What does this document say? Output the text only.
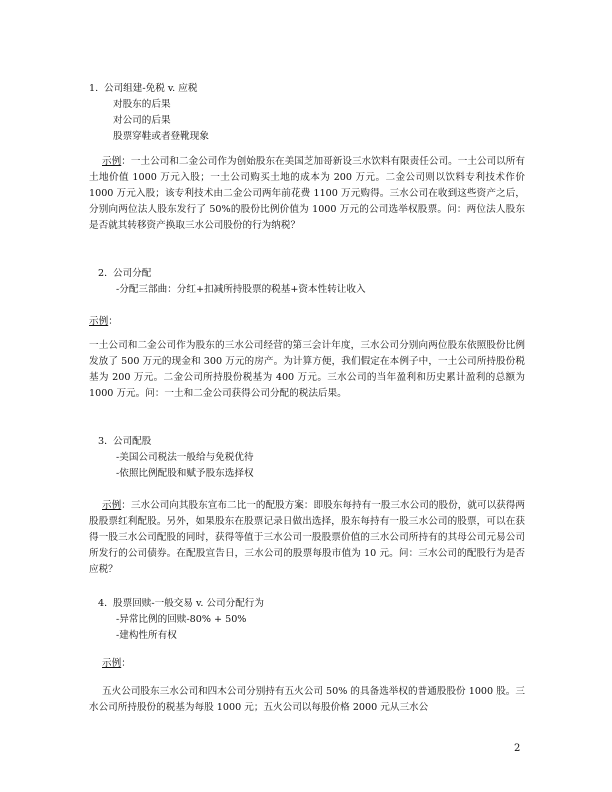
1. 公司组建-免税 v. 应税
对股东的后果
对公司的后果
股票穿鞋或者登靴现象
示例：一土公司和二金公司作为创始股东在美国芝加哥新设三水饮料有限责任公司。一土公司以所有土地价值 1000 万元入股；一土公司购买土地的成本为 200 万元。二金公司则以饮料专利技术作价 1000 万元入股；该专利技术由二金公司两年前花费 1100 万元购得。三水公司在收到这些资产之后，分别向两位法人股东发行了 50%的股份比例价值为 1000 万元的公司选举权股票。问：两位法人股东是否就其转移资产换取三水公司股份的行为纳税？
2．公司分配
-分配三部曲：分红+扣减所持股票的税基+资本性转让收入
示例：
一土公司和二金公司作为股东的三水公司经营的第三会计年度，三水公司分别向两位股东依照股份比例发放了 500 万元的现金和 300 万元的房产。为计算方便，我们假定在本例子中，一土公司所持股份税基为 200 万元。二金公司所持股份税基为 400 万元。三水公司的当年盈利和历史累计盈利的总额为 1000 万元。问：一土和二金公司获得公司分配的税法后果。
3．公司配股
-美国公司税法一般给与免税优待
-依照比例配股和赋予股东选择权
示例：三水公司向其股东宣布二比一的配股方案：即股东每持有一股三水公司的股份，就可以获得两股股票红利配股。另外，如果股东在股票记录日做出选择，股东每持有一股三水公司的股票，可以在获得一股三水公司配股的同时，获得等值于三水公司一股股票价值的三水公司所持有的其母公司元易公司所发行的公司债券。在配股宣告日，三水公司的股票每股市值为 10 元。问：三水公司的配股行为是否应税？
4．股票回赎-一般交易 v. 公司分配行为
-异常比例的回赎-80% + 50%
-建构性所有权
示例：
五火公司股东三水公司和四木公司分别持有五火公司 50% 的具备选举权的普通股股份 1000 股。三水公司所持股份的税基为每股 1000 元；五火公司以每股价格 2000 元从三水公
2
